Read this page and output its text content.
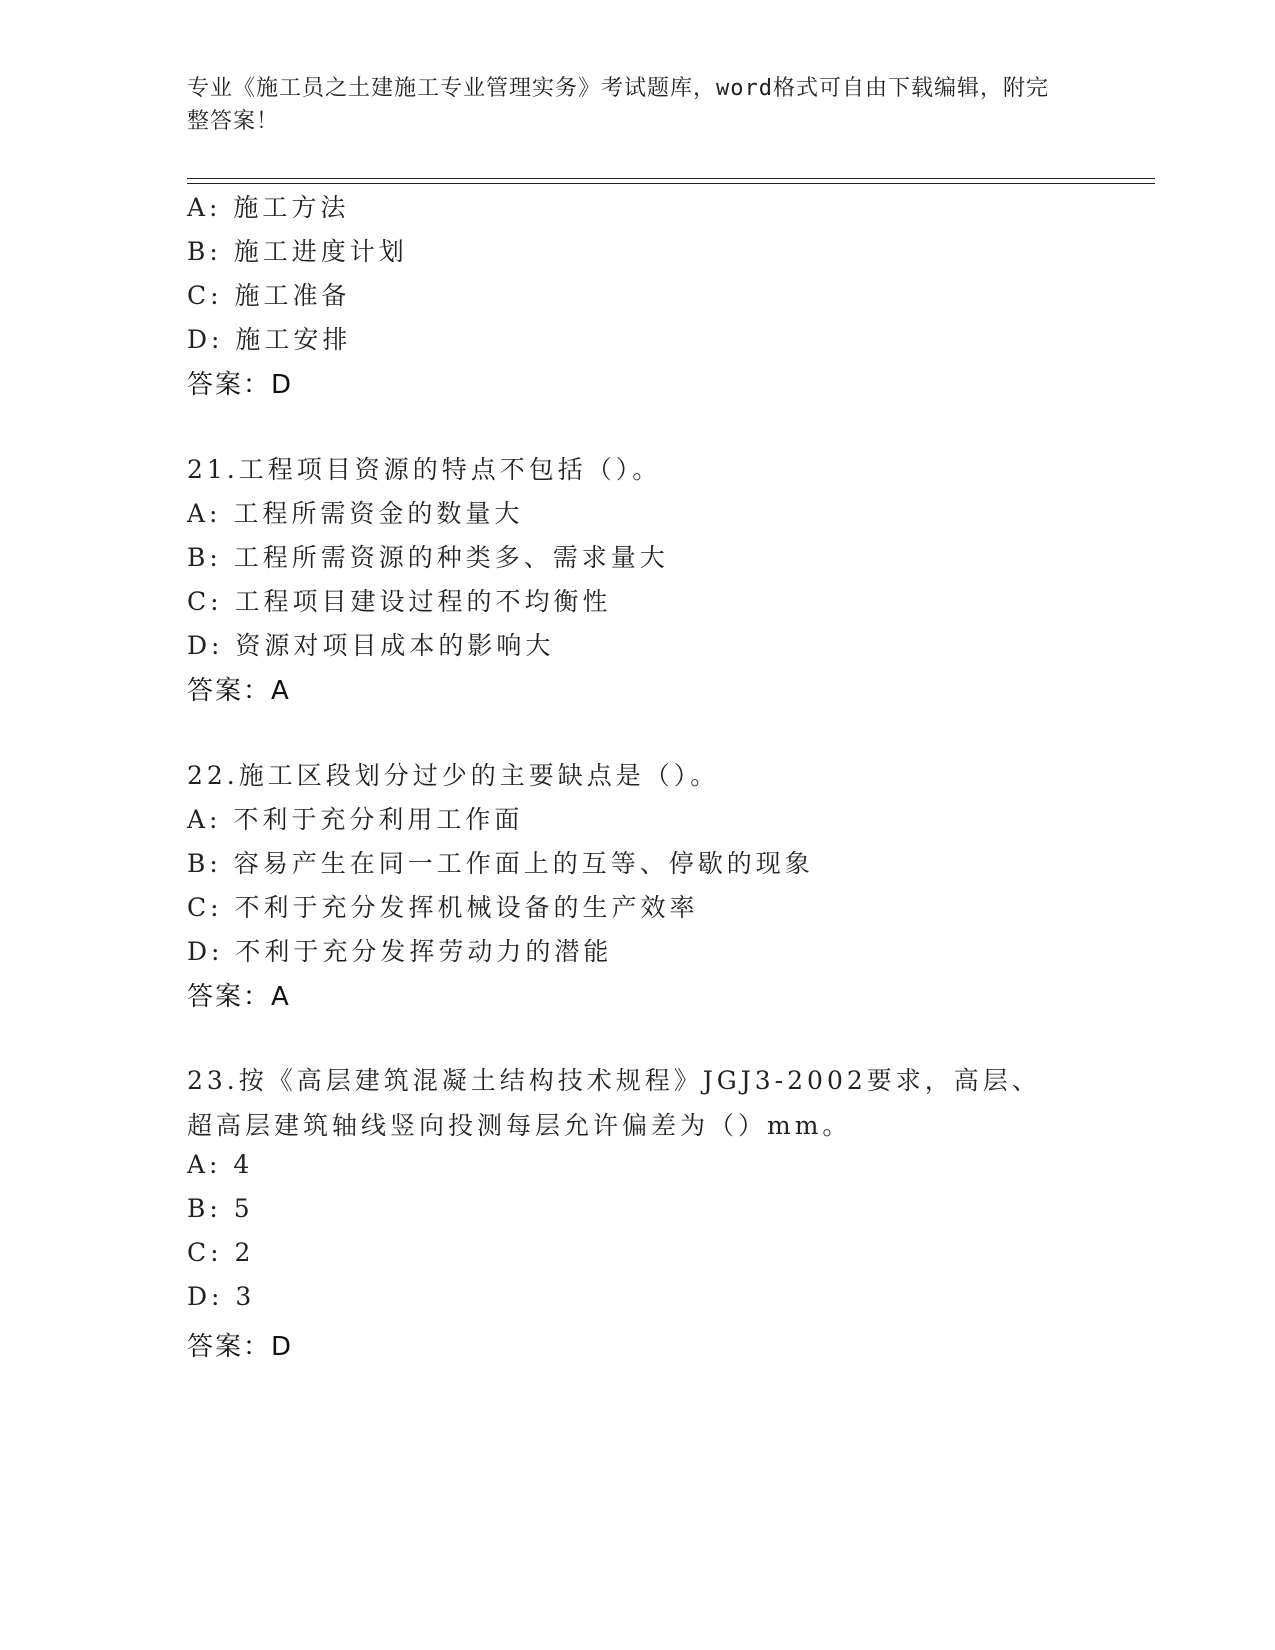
专业《施工员之土建施工专业管理实务》考试题库，word格式可自由下载编辑，附完整答案！
A: 施工方法
B: 施工进度计划
C: 施工准备
D: 施工安排
答案：D
21.工程项目资源的特点不包括（）。
A: 工程所需资金的数量大
B: 工程所需资源的种类多、需求量大
C: 工程项目建设过程的不均衡性
D: 资源对项目成本的影响大
答案：A
22.施工区段划分过少的主要缺点是（）。
A: 不利于充分利用工作面
B: 容易产生在同一工作面上的互等、停歇的现象
C: 不利于充分发挥机械设备的生产效率
D: 不利于充分发挥劳动力的潜能
答案：A
23.按《高层建筑混凝土结构技术规程》JGJ3-2002要求，高层、超高层建筑轴线竖向投测每层允许偏差为（）mm。
A: 4
B: 5
C: 2
D: 3
答案：D
